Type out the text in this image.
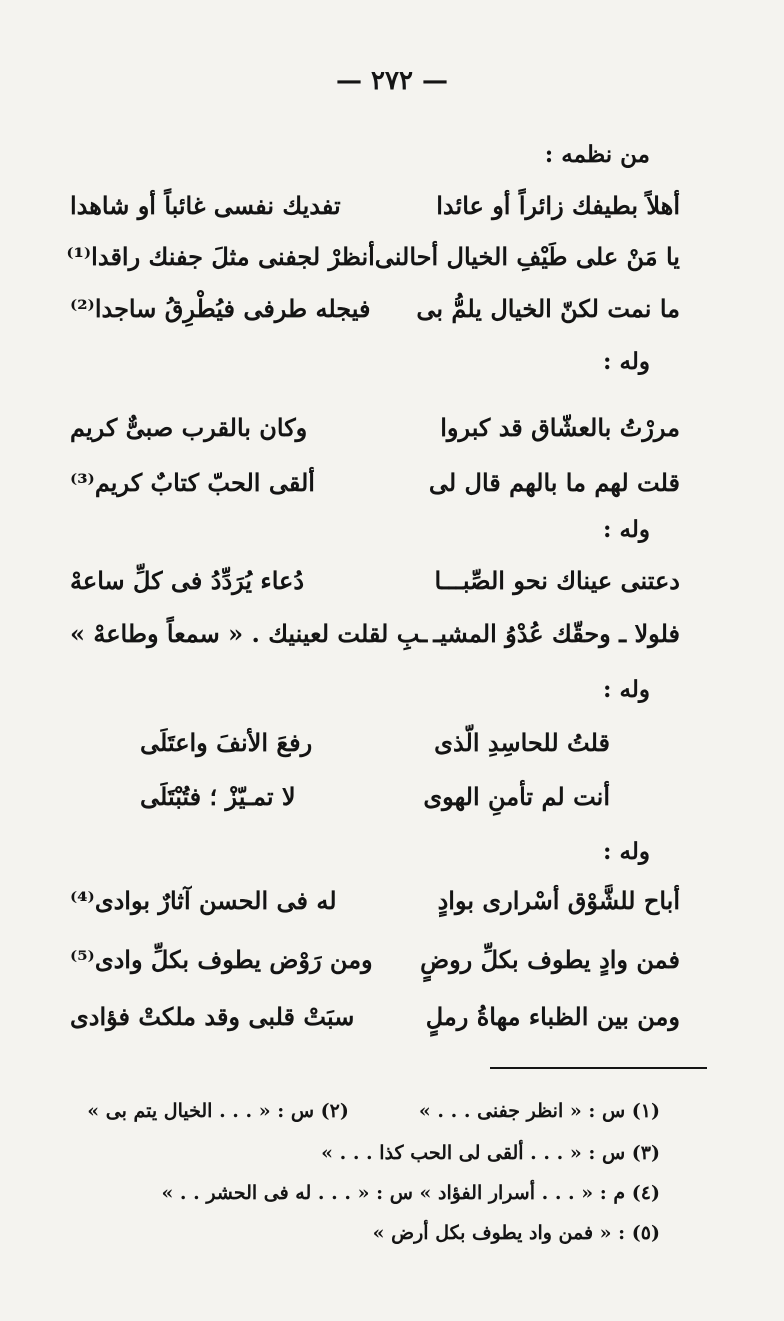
— ٢٧٢ —
من نظمه :
أهلاً بطيفك زائراً أو عائدا
تفديك نفسى غائباً أو شاهدا
يا مَنْ على طَيْفِ الخيال أحالنى
أنظرْ لجفنى مثلَ جفنك راقدا⁽¹⁾
ما نمت لكنّ الخيال يلمُّ بى
فيجله طرفى فيُطْرِقُ ساجدا⁽²⁾
وله :
مررْتُ بالعشّاق قد كبروا
وكان بالقرب صبىٌّ كريم
قلت لهم ما بالهم قال لى
ألقى الحبّ كتابٌ كريم⁽³⁾
وله :
دعتنى عيناك نحو الصِّبـــا
دُعاء يُرَدِّدُ فى كلِّ ساعهْ
فلولا ـ وحقّك عُدْوُ المشيـ
ـبِ لقلت لعينيك . « سمعاً وطاعهْ »
وله :
قلتُ للحاسِدِ الّذى
رفعَ الأنفَ واعتَلَى
أنت لم تأمنِ الهوى
لا تمـيّزْ ؛ فتُبْتَلَى
وله :
أباح للشَّوْق أسْرارى بوادٍ
له فى الحسن آثارٌ بوادى⁽⁴⁾
فمن وادٍ يطوف بكلِّ روضٍ
ومن رَوْض يطوف بكلِّ وادى⁽⁵⁾
ومن بين الظباء مهاةُ رملٍ
سبَتْ قلبى وقد ملكتْ فؤادى
(١) س : « انظر جفنى . . . »(٢) س : « . . . الخيال يتم بى »
(٣) س : « . . . ألقى لى الحب كذا . . . »
(٤) م : « . . . أسرار الفؤاد » س : « . . . له فى الحشر . . »
(٥) : « فمن واد يطوف بكل أرض »
